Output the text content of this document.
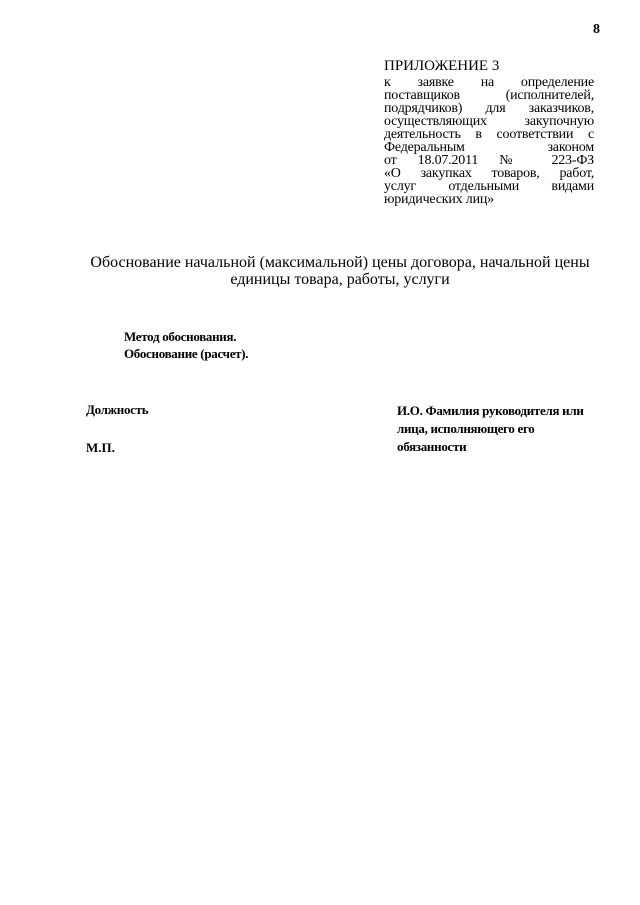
8
ПРИЛОЖЕНИЕ 3
к заявке на определение
поставщиков (исполнителей,
подрядчиков) для заказчиков,
осуществляющих закупочную
деятельность в соответствии с
Федеральным законом
от 18.07.2011 № 223-ФЗ
«О закупках товаров, работ,
услуг отдельными видами
юридических лиц»
Обоснование начальной (максимальной) цены договора, начальной цены
единицы товара, работы, услуги
Метод обоснования.
Обоснование (расчет).
Должность
М.П.
И.О. Фамилия руководителя или
лица, исполняющего его
обязанности
